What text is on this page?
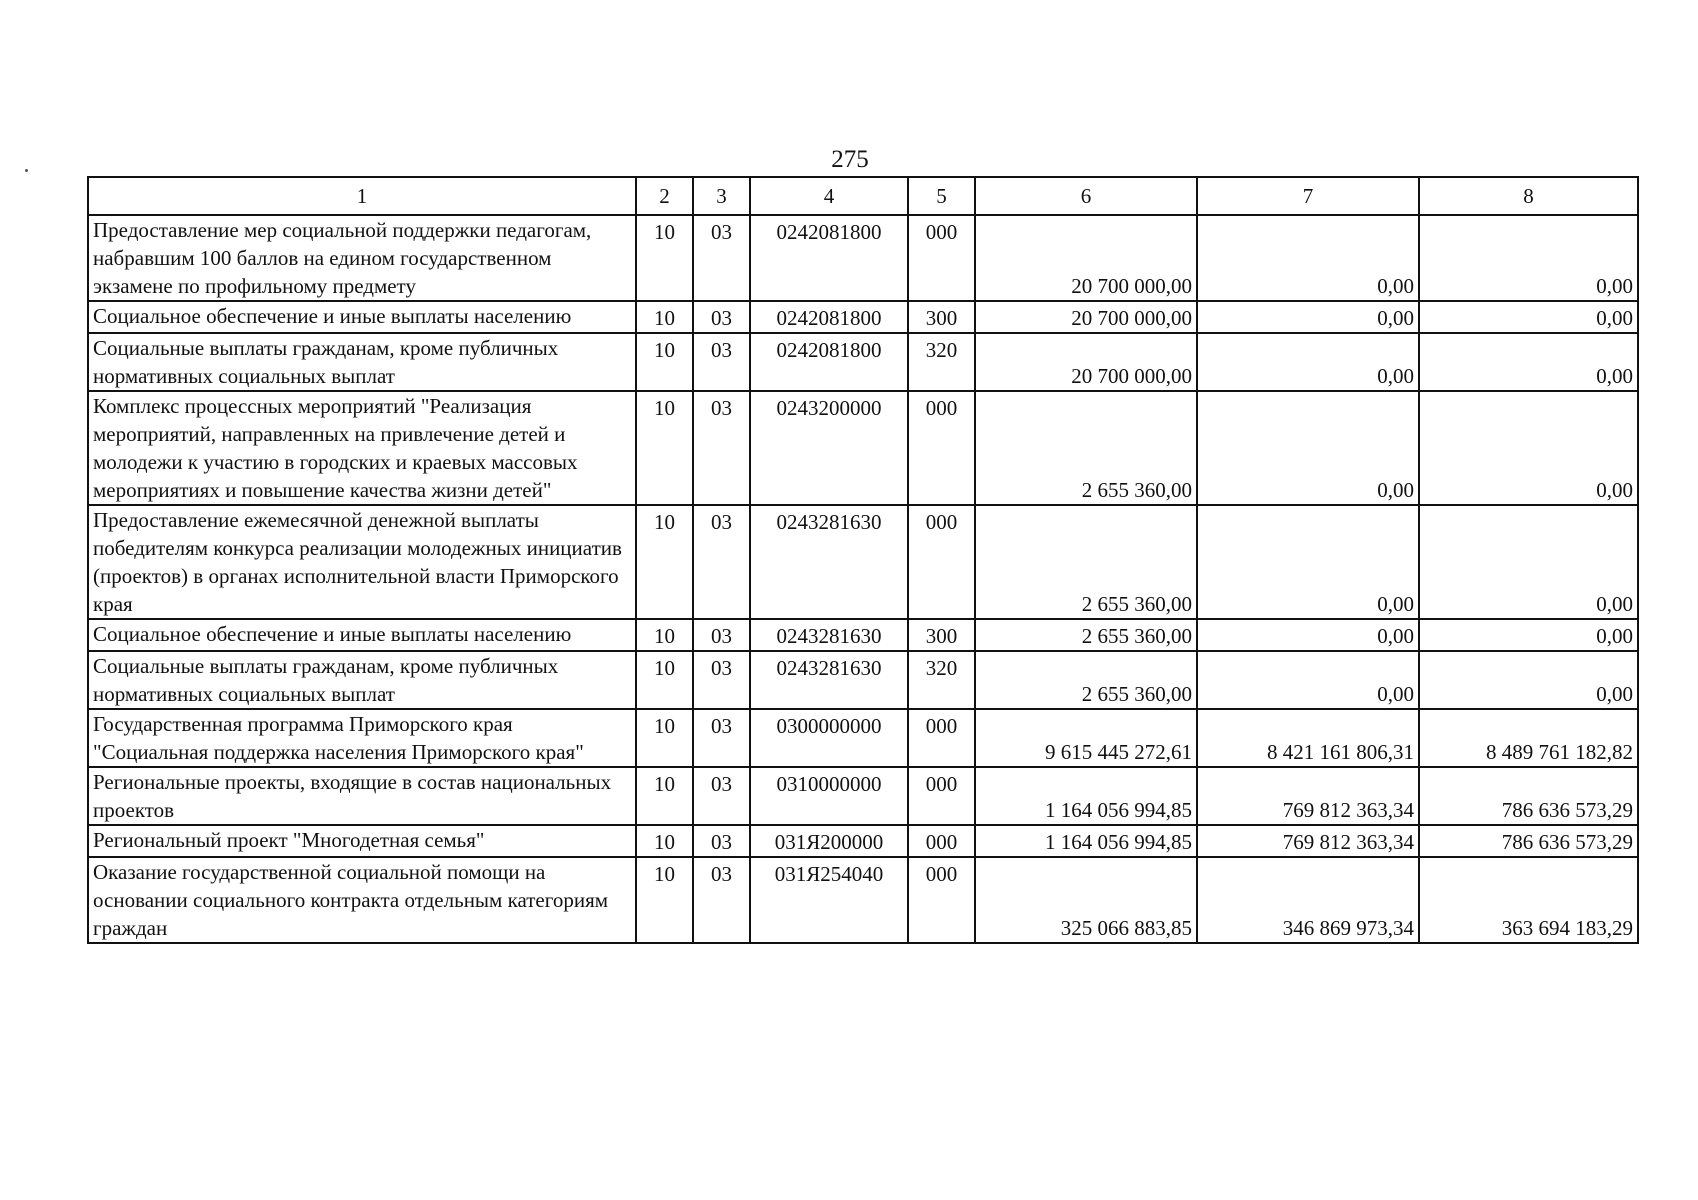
275
1	2	3	4	5	6	7	8
Предоставление мер социальной поддержки педагогам, набравшим 100 баллов на едином государственном экзамене по профильному предмету	10	03	0242081800	000	20 700 000,00	0,00	0,00
Социальное обеспечение и иные выплаты населению	10	03	0242081800	300	20 700 000,00	0,00	0,00
Социальные выплаты гражданам, кроме публичных нормативных социальных выплат	10	03	0242081800	320	20 700 000,00	0,00	0,00
Комплекс процессных мероприятий "Реализация мероприятий, направленных на привлечение детей и молодежи к участию в городских и краевых массовых мероприятиях и повышение качества жизни детей"	10	03	0243200000	000	2 655 360,00	0,00	0,00
Предоставление ежемесячной денежной выплаты победителям конкурса реализации молодежных инициатив (проектов) в органах исполнительной власти Приморского края	10	03	0243281630	000	2 655 360,00	0,00	0,00
Социальное обеспечение и иные выплаты населению	10	03	0243281630	300	2 655 360,00	0,00	0,00
Социальные выплаты гражданам, кроме публичных нормативных социальных выплат	10	03	0243281630	320	2 655 360,00	0,00	0,00
Государственная программа Приморского края "Социальная поддержка населения Приморского края"	10	03	0300000000	000	9 615 445 272,61	8 421 161 806,31	8 489 761 182,82
Региональные проекты, входящие в состав национальных проектов	10	03	0310000000	000	1 164 056 994,85	769 812 363,34	786 636 573,29
Региональный проект "Многодетная семья"	10	03	031Я200000	000	1 164 056 994,85	769 812 363,34	786 636 573,29
Оказание государственной социальной помощи на основании социального контракта отдельным категориям граждан	10	03	031Я254040	000	325 066 883,85	346 869 973,34	363 694 183,29
